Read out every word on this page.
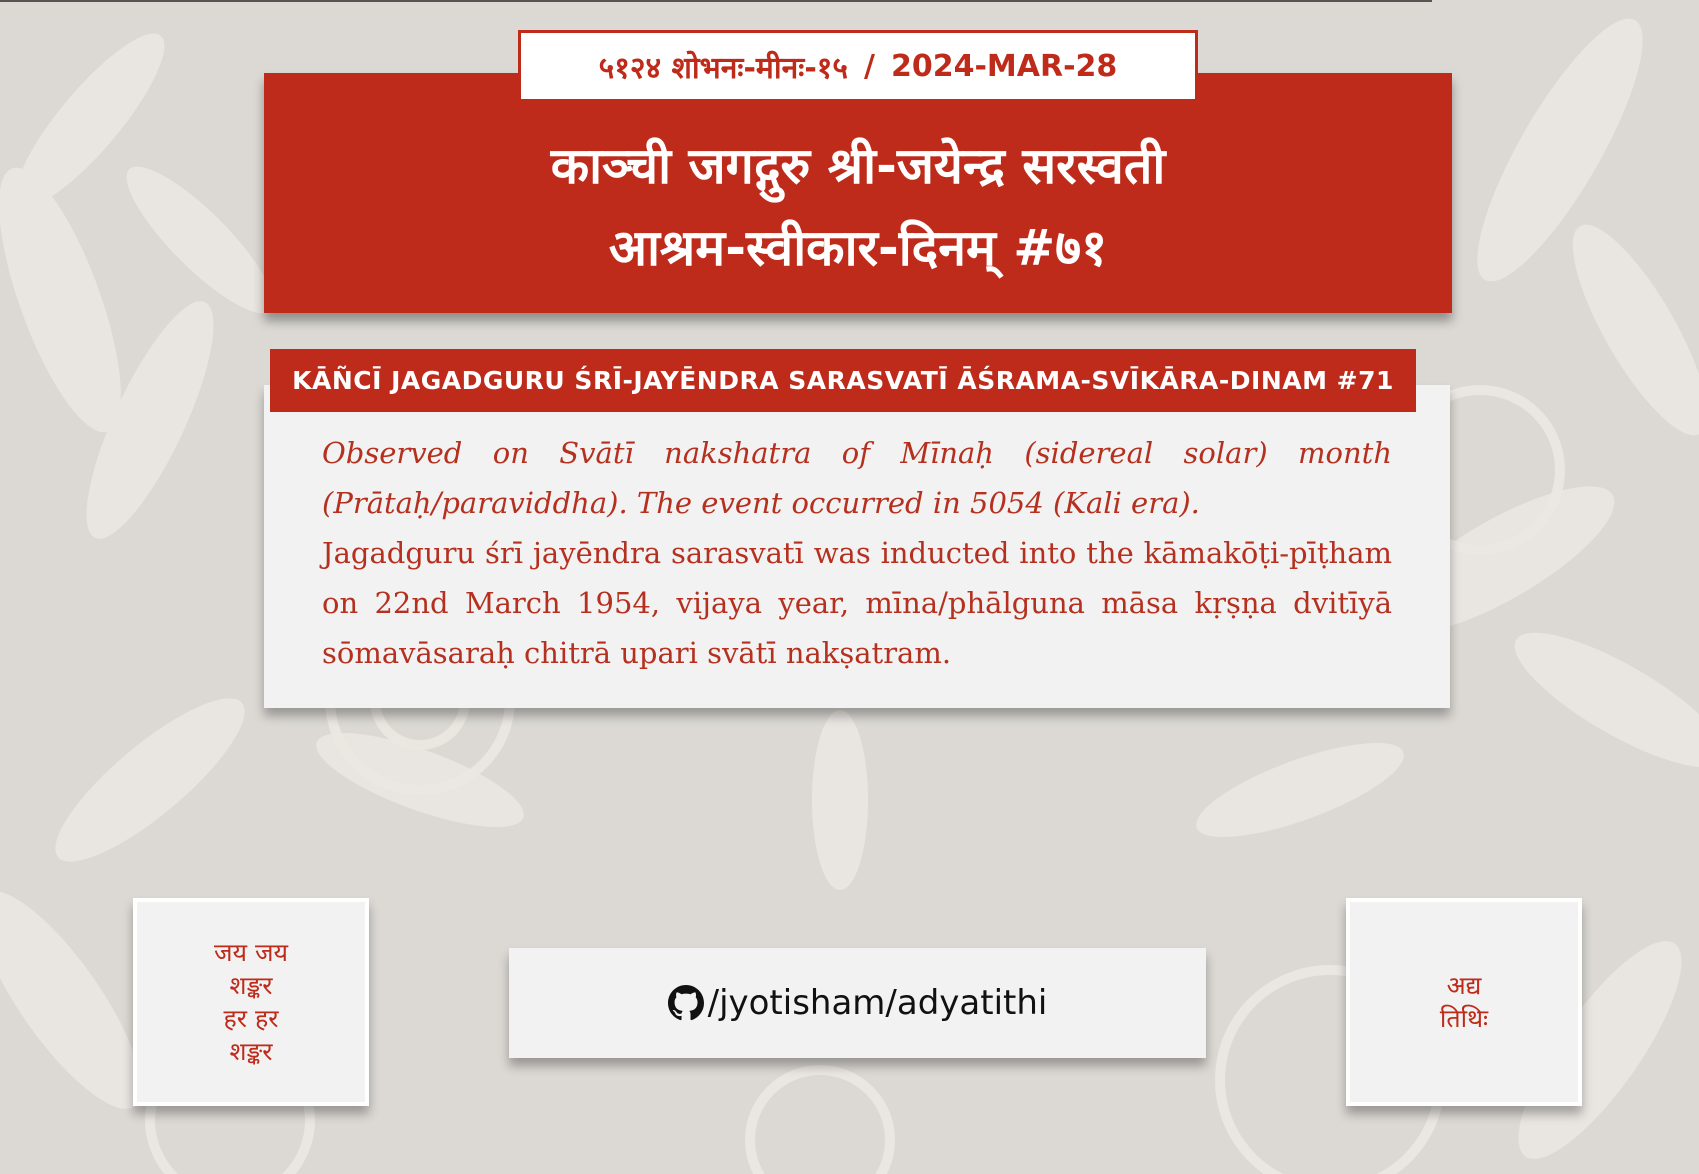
काञ्ची जगद्गुरु श्री-जयेन्द्र सरस्वती
आश्रम-स्वीकार-दिनम् #७१
५१२४ शोभनः-मीनः-१५ / 2024-MAR-28
KĀÑCĪ JAGADGURU ŚRĪ-JAYĒNDRA SARASVATĪ ĀŚRAMA-SVĪKĀRA-DINAM #71

Observed on Svātī nakshatra of Mīnaḥ (sidereal solar) month (Prātaḥ/paraviddha). The event occurred in 5054 (Kali era).

Jagadguru śrī jayēndra sarasvatī was inducted into the kāmakōṭi-pīṭham on 22nd March 1954, vijaya year, mīna/phālguna māsa kṛṣṇa dvitīyā sōmavāsaraḥ chitrā upari svātī nakṣatram.

जय जय
शङ्कर
हर हर
शङ्कर
/jyotisham/adyatithi	अद्य
तिथिः
